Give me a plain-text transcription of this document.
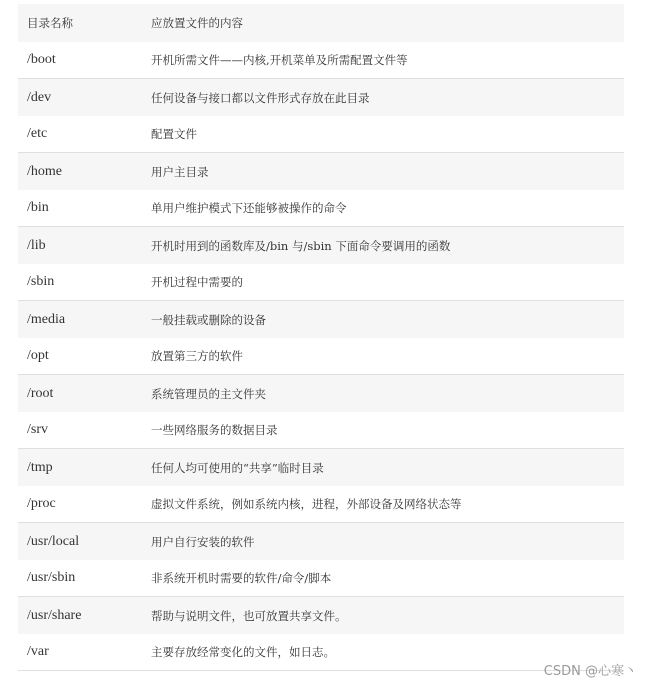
目录名称	应放置文件的内容
/boot	开机所需文件——内核,开机菜单及所需配置文件等
/dev	任何设备与接口都以文件形式存放在此目录
/etc	配置文件
/home	用户主目录
/bin	单用户维护模式下还能够被操作的命令
/lib	开机时用到的函数库及/bin 与/sbin 下面命令要调用的函数
/sbin	开机过程中需要的
/media	一般挂载或删除的设备
/opt	放置第三方的软件
/root	系统管理员的主文件夹
/srv	一些网络服务的数据目录
/tmp	任何人均可使用的“共享”临时目录
/proc	虚拟文件系统，例如系统内核，进程，外部设备及网络状态等
/usr/local	用户自行安装的软件
/usr/sbin	非系统开机时需要的软件/命令/脚本
/usr/share	帮助与说明文件，也可放置共享文件。
/var	主要存放经常变化的文件，如日志。
CSDN @心寒丶
